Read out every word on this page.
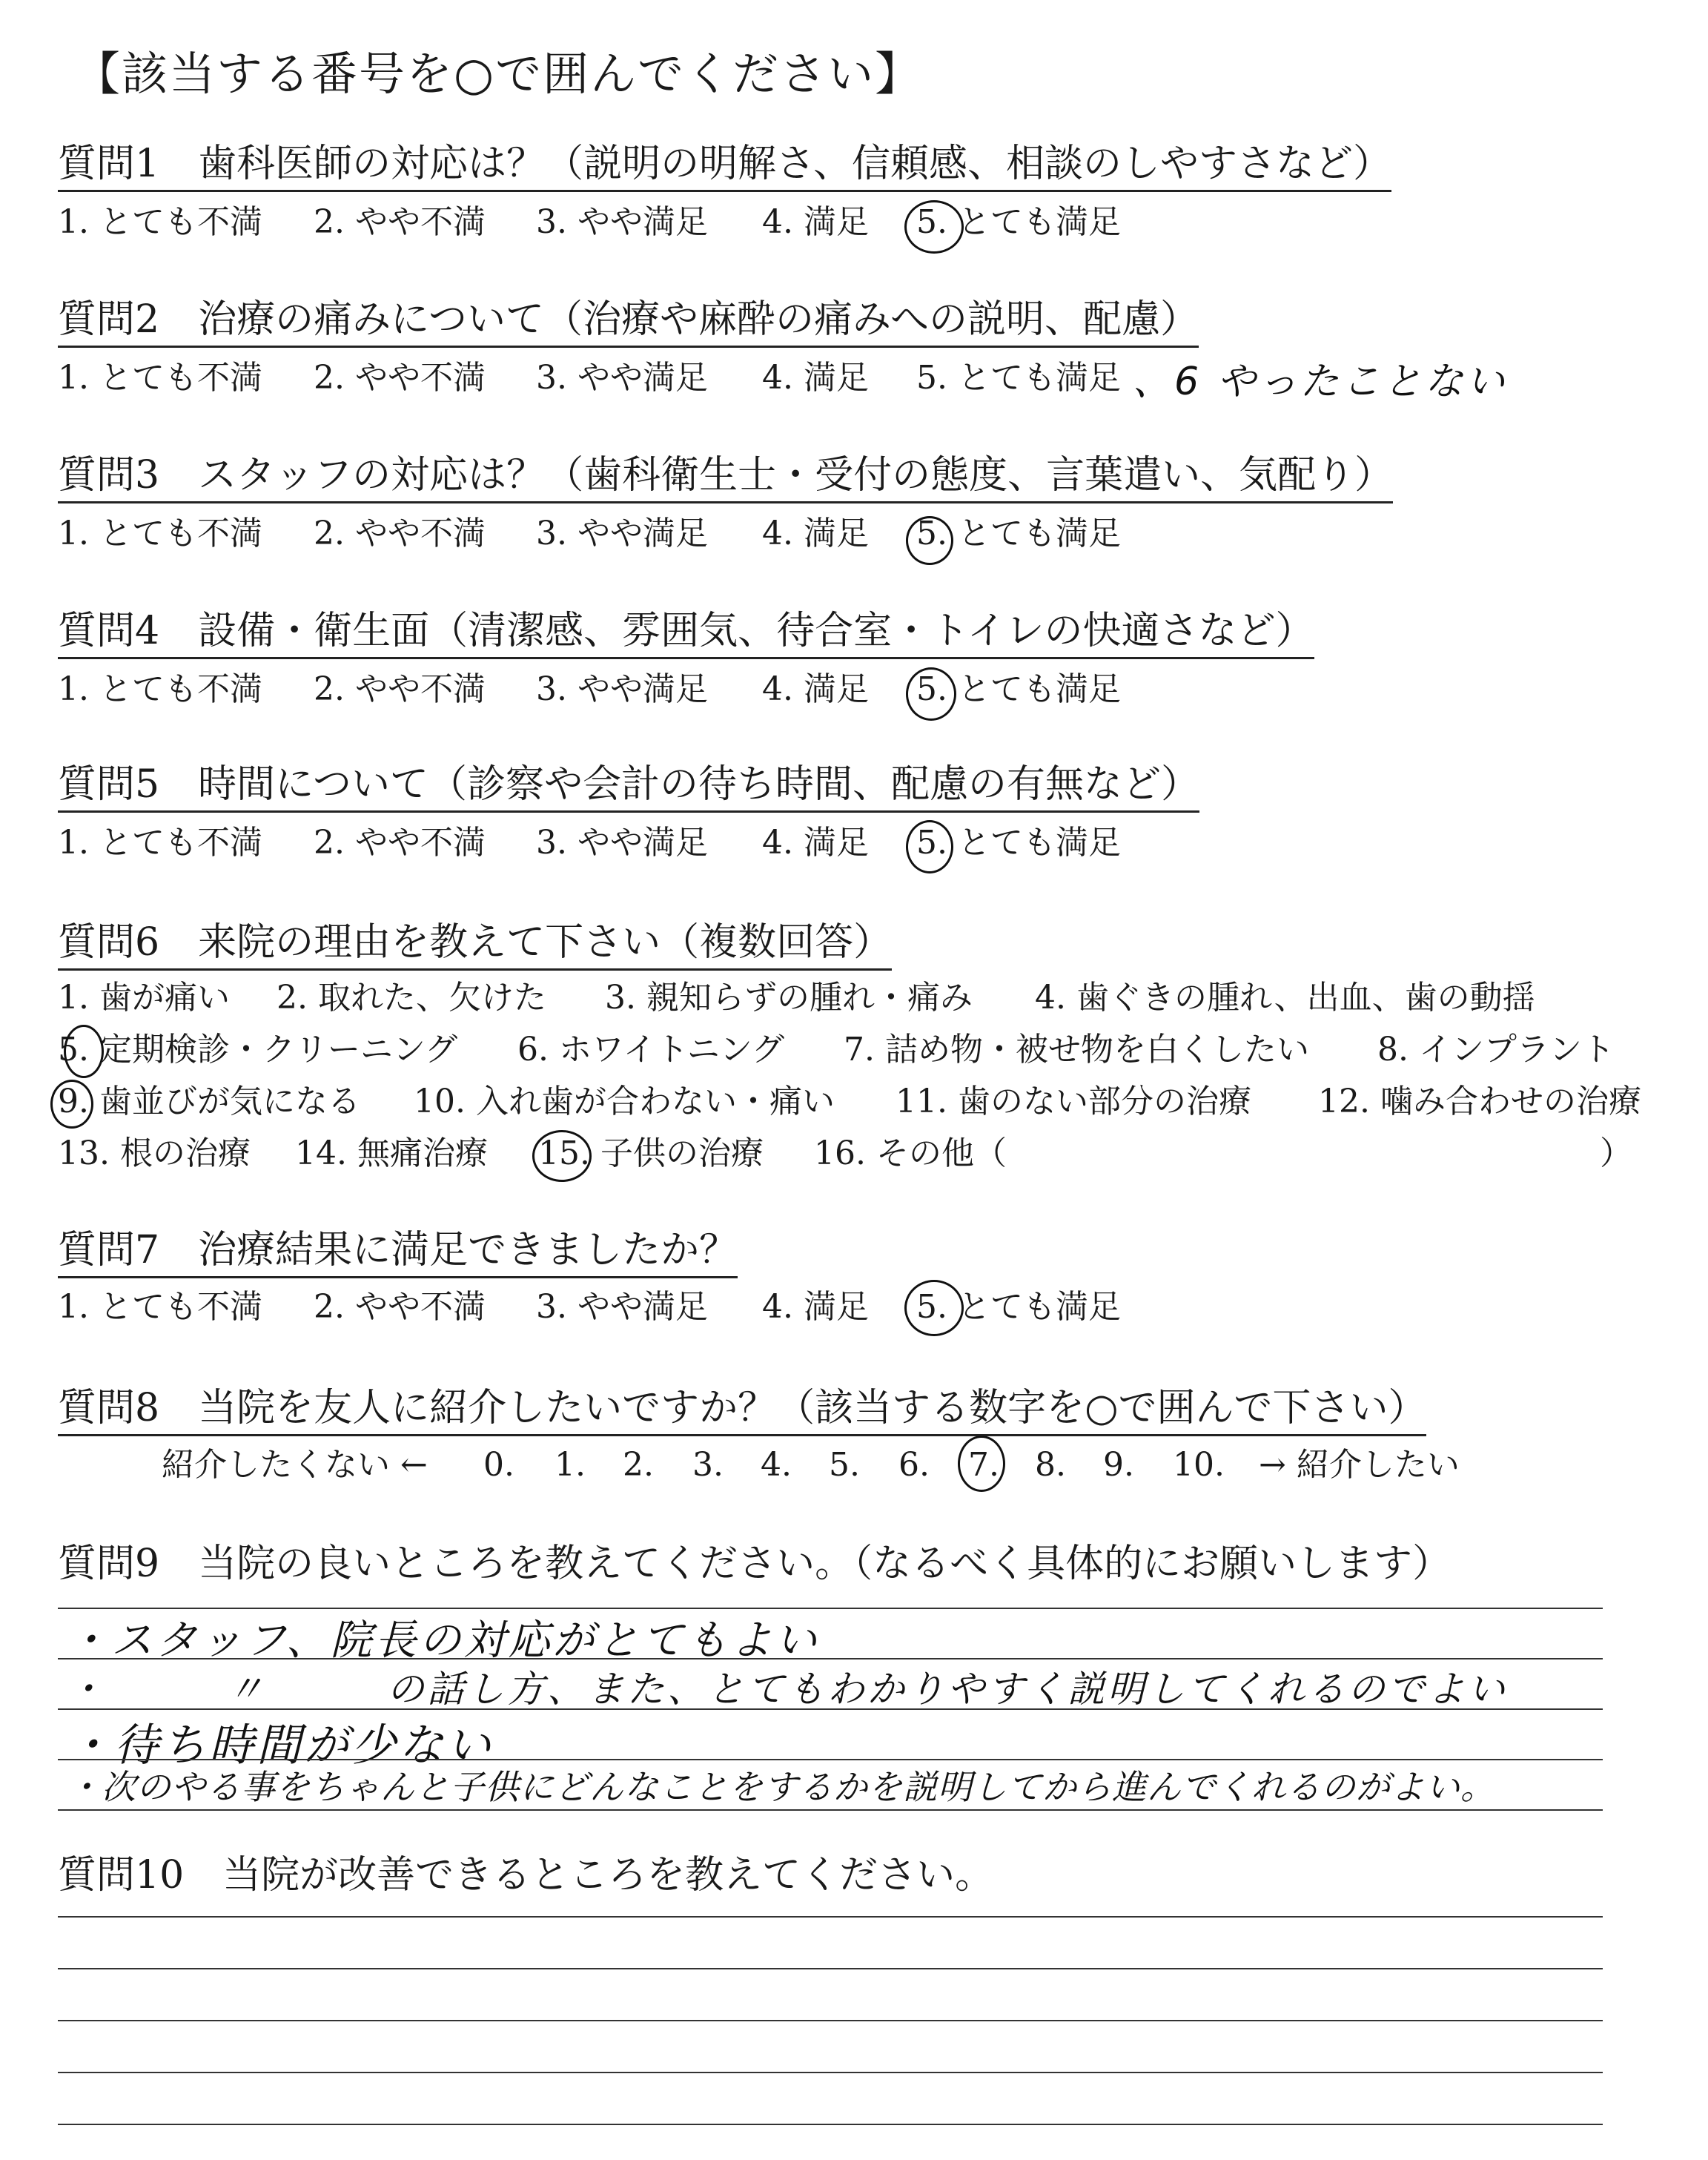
【該当する番号を○で囲んでください】
質問1　歯科医師の対応は？（説明の明解さ、信頼感、相談のしやすさなど）
1. とても不満 2. やや不満 3. やや満足 4. 満足 5. とても満足
質問2　治療の痛みについて（治療や麻酔の痛みへの説明、配慮）
1. とても不満 2. やや不満 3. やや満足 4. 満足 5. とても満足 、6 やったことない
質問3　スタッフの対応は？（歯科衛生士・受付の態度、言葉遣い、気配り）
1. とても不満 2. やや不満 3. やや満足 4. 満足 5. とても満足
質問4　設備・衛生面（清潔感、雰囲気、待合室・トイレの快適さなど）
1. とても不満 2. やや不満 3. やや満足 4. 満足 5. とても満足
質問5　時間について（診察や会計の待ち時間、配慮の有無など）
1. とても不満 2. やや不満 3. やや満足 4. 満足 5. とても満足
質問6　来院の理由を教えて下さい（複数回答）
1. 歯が痛い 2. 取れた、欠けた 3. 親知らずの腫れ・痛み 4. 歯ぐきの腫れ、出血、歯の動揺
5. 定期検診・クリーニング 6. ホワイトニング 7. 詰め物・被せ物を白くしたい 8. インプラント
9. 歯並びが気になる 10. 入れ歯が合わない・痛い 11. 歯のない部分の治療 12. 噛み合わせの治療
13. 根の治療 14. 無痛治療 15. 子供の治療 16. その他（	）
質問7　治療結果に満足できましたか？
1. とても不満 2. やや不満 3. やや満足 4. 満足 5. とても満足
質問8　当院を友人に紹介したいですか？（該当する数字を○で囲んで下さい）
紹介したくない ← 0. 1. 2. 3. 4. 5. 6. 7. 8. 9. 10. → 紹介したい
質問9　当院の良いところを教えてください。（なるべく具体的にお願いします）
・スタッフ、院長の対応がとてもよい
・　　　〃　　　の話し方、また、とてもわかりやすく説明してくれるのでよい
・待ち時間が少ない
・次のやる事をちゃんと子供にどんなことをするかを説明してから進んでくれるのがよい。
質問10　当院が改善できるところを教えてください。
